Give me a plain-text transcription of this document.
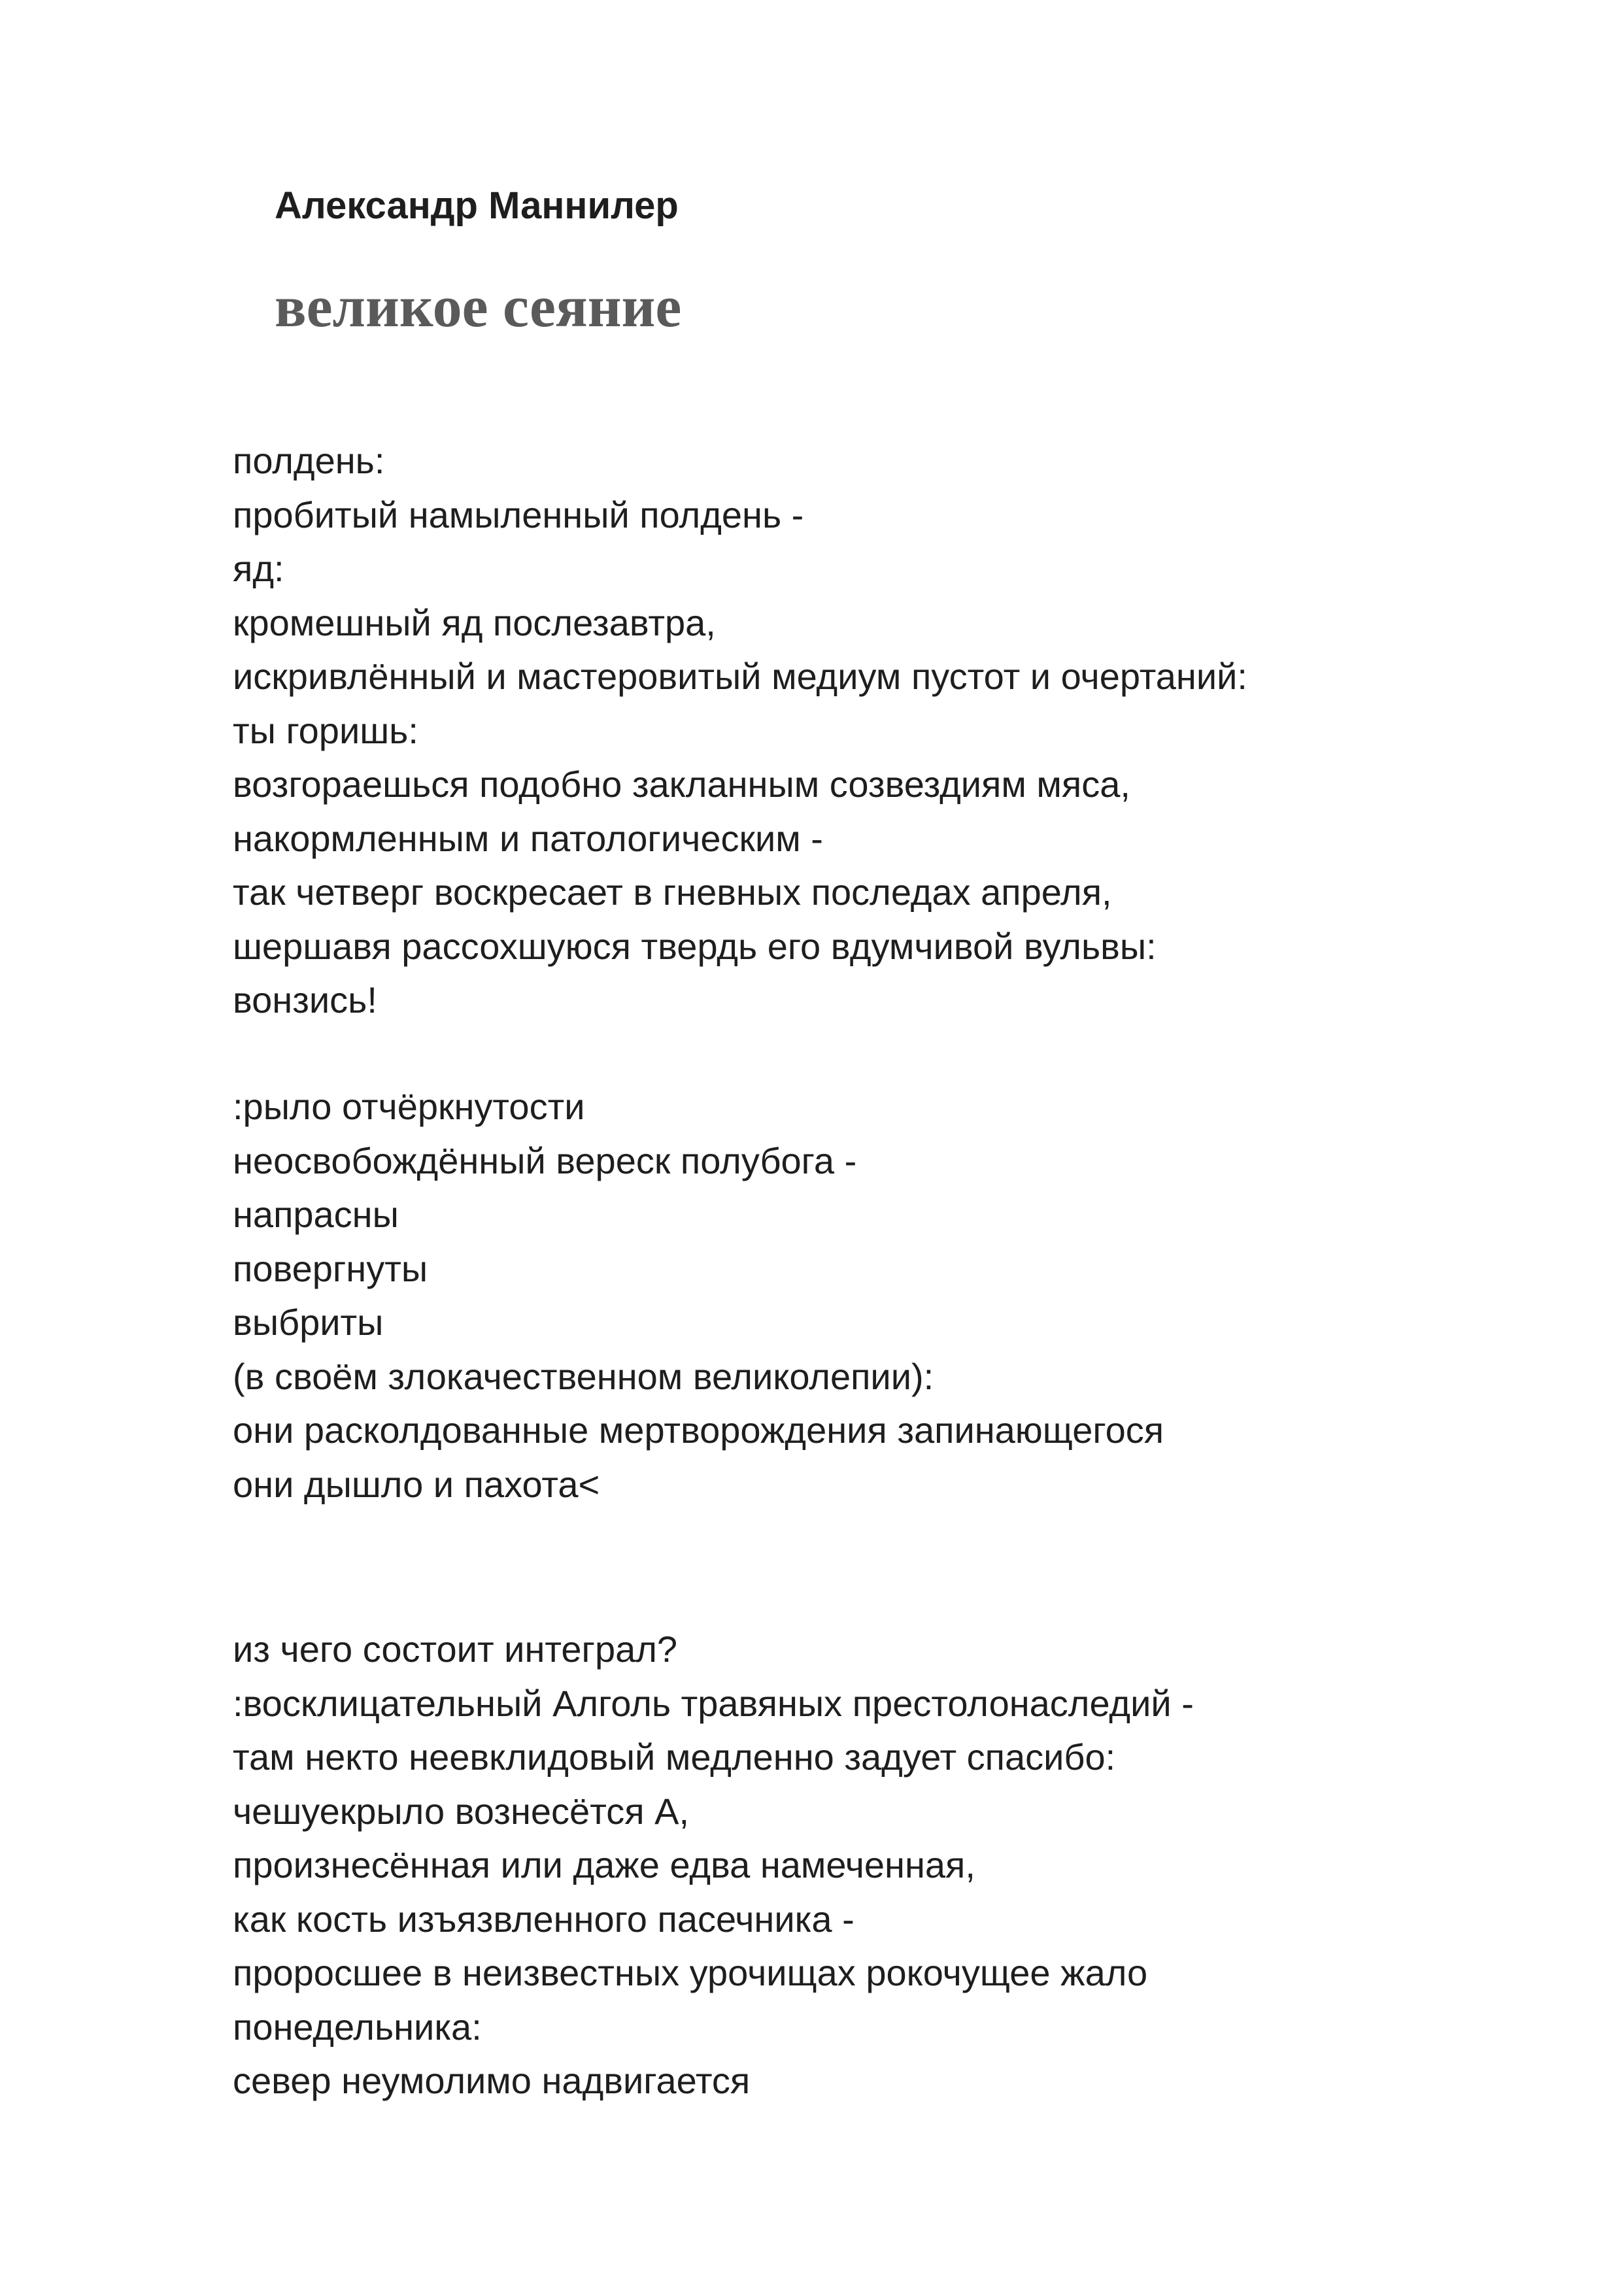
Александр Маннилер
великое сеяние
полдень:
пробитый намыленный полдень -
яд:
кромешный яд послезавтра,
искривлённый и мастеровитый медиум пустот и очертаний:
ты горишь:
возгораешься подобно закланным созвездиям мяса,
накормленным и патологическим -
так четверг воскресает в гневных последах апреля,
шершавя рассохшуюся твердь его вдумчивой вульвы:
вонзись!
:рыло отчёркнутости
неосвобождённый вереск полубога -
напрасны
повергнуты
выбриты
(в своём злокачественном великолепии):
они расколдованные мертворождения запинающегося
они дышло и пахота<
из чего состоит интеграл?
:восклицательный Алголь травяных престолонаследий -
там некто неевклидовый медленно задует спасибо:
чешуекрыло вознесётся А,
произнесённая или даже едва намеченная,
как кость изъязвленного пасечника -
проросшее в неизвестных урочищах рокочущее жало
понедельника:
север неумолимо надвигается
